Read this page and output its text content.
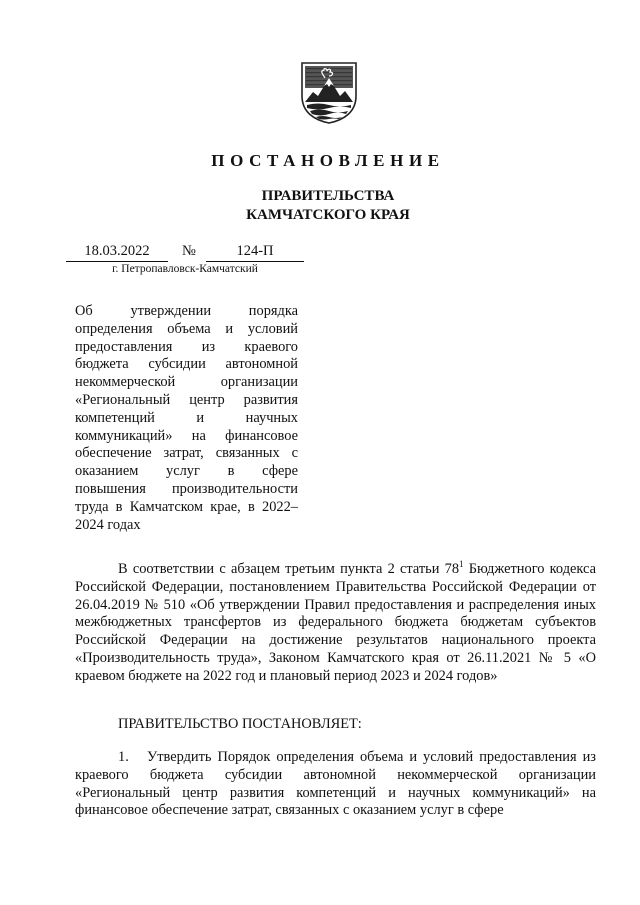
ПОСТАНОВЛЕНИЕ
ПРАВИТЕЛЬСТВА
КАМЧАТСКОГО КРАЯ
18.03.2022	№	124-П
г. Петропавловск-Камчатский
Об утверждении порядка определения объема и условий предоставления из краевого бюджета субсидии автономной некоммерческой организации «Региональный центр развития компетенций и научных коммуникаций» на финансовое обеспечение затрат, связанных с оказанием услуг в сфере повышения производительности труда в Камчатском крае, в 2022–2024 годах
В соответствии с абзацем третьим пункта 2 статьи $78^1$ Бюджетного кодекса Российской Федерации, постановлением Правительства Российской Федерации от 26.04.2019 № 510 «Об утверждении Правил предоставления и распределения иных межбюджетных трансфертов из федерального бюджета бюджетам субъектов Российской Федерации на достижение результатов национального проекта «Производительность труда», Законом Камчатского края от 26.11.2021 № 5 «О краевом бюджете на 2022 год и плановый период 2023 и 2024 годов»
ПРАВИТЕЛЬСТВО ПОСТАНОВЛЯЕТ:
1. Утвердить Порядок определения объема и условий предоставления из краевого бюджета субсидии автономной некоммерческой организации «Региональный центр развития компетенций и научных коммуникаций» на финансовое обеспечение затрат, связанных с оказанием услуг в сфере
